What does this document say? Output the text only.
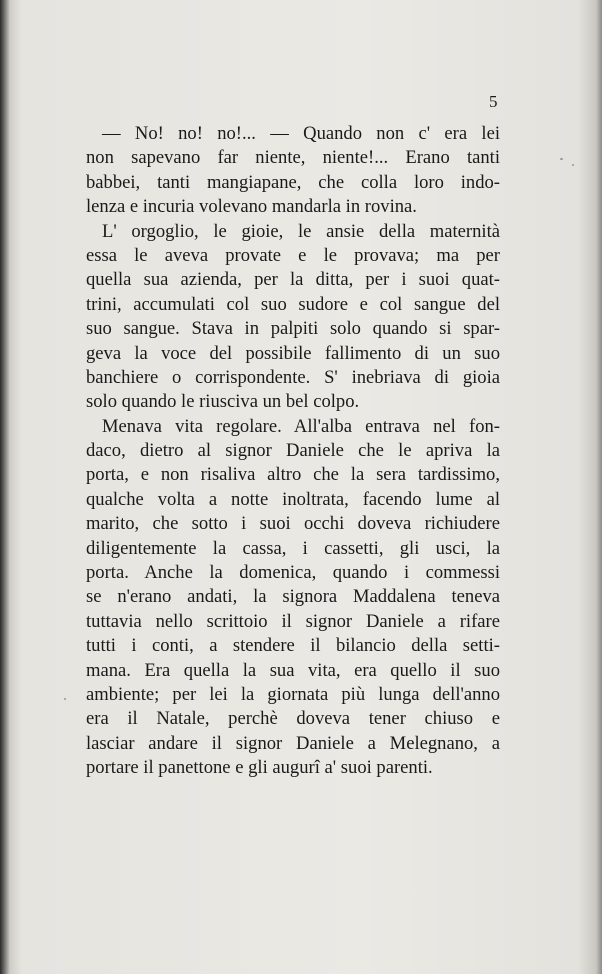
5
— No! no! no!... — Quando non c' era lei
non sapevano far niente, niente!... Erano tanti
babbei, tanti mangiapane, che colla loro indo-
lenza e incuria volevano mandarla in rovina.
L' orgoglio, le gioie, le ansie della maternità
essa le aveva provate e le provava; ma per
quella sua azienda, per la ditta, per i suoi quat-
trini, accumulati col suo sudore e col sangue del
suo sangue. Stava in palpiti solo quando si spar-
geva la voce del possibile fallimento di un suo
banchiere o corrispondente. S' inebriava di gioia
solo quando le riusciva un bel colpo.
Menava vita regolare. All'alba entrava nel fon-
daco, dietro al signor Daniele che le apriva la
porta, e non risaliva altro che la sera tardissimo,
qualche volta a notte inoltrata, facendo lume al
marito, che sotto i suoi occhi doveva richiudere
diligentemente la cassa, i cassetti, gli usci, la
porta. Anche la domenica, quando i commessi
se n'erano andati, la signora Maddalena teneva
tuttavia nello scrittoio il signor Daniele a rifare
tutti i conti, a stendere il bilancio della setti-
mana. Era quella la sua vita, era quello il suo
ambiente; per lei la giornata più lunga dell'anno
era il Natale, perchè doveva tener chiuso e
lasciar andare il signor Daniele a Melegnano, a
portare il panettone e gli augurî a' suoi parenti.
